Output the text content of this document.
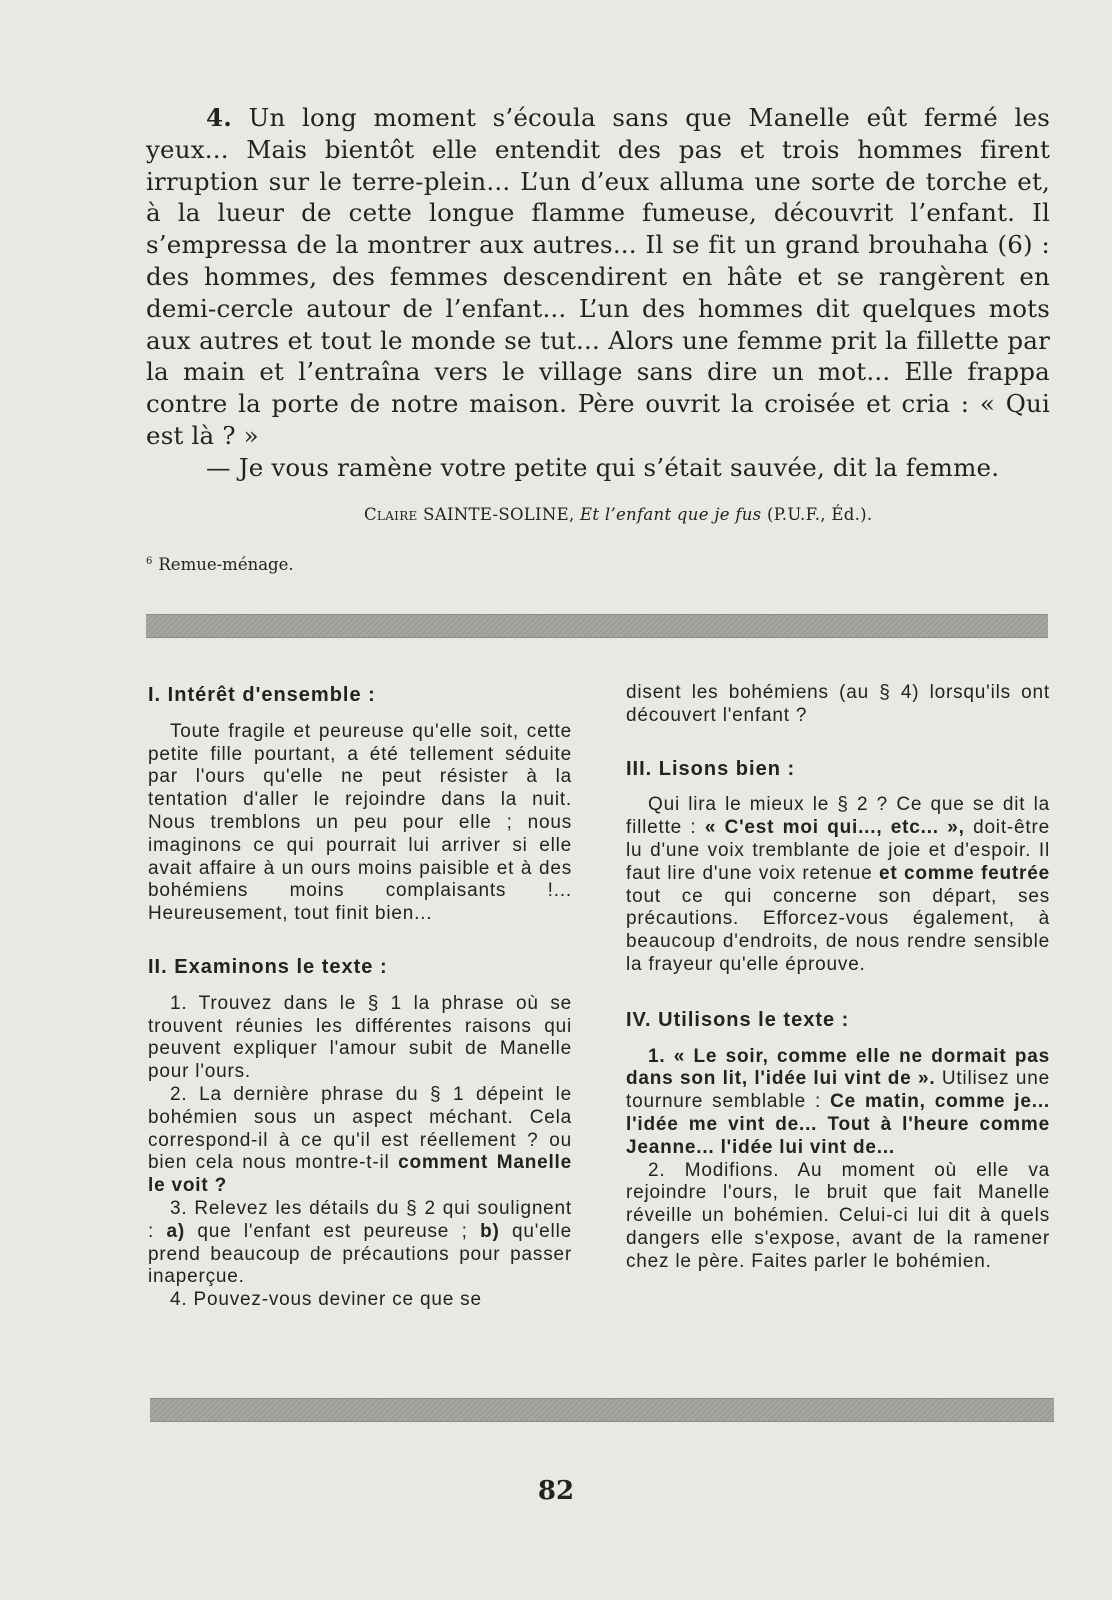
4. Un long moment s’écoula sans que Manelle eût fermé les yeux... Mais bientôt elle entendit des pas et trois hommes firent irruption sur le terre-plein... L’un d’eux alluma une sorte de torche et, à la lueur de cette longue flamme fumeuse, découvrit l’enfant. Il s’empressa de la montrer aux autres... Il se fit un grand brouhaha (6) : des hommes, des femmes descendirent en hâte et se rangèrent en demi-cercle autour de l’enfant... L’un des hommes dit quelques mots aux autres et tout le monde se tut... Alors une femme prit la fillette par la main et l’entraîna vers le village sans dire un mot... Elle frappa contre la porte de notre maison. Père ouvrit la croisée et cria : « Qui est là ? »

— Je vous ramène votre petite qui s’était sauvée, dit la femme.

Claire SAINTE-SOLINE, Et l’enfant que je fus (P.U.F., Éd.).
$^6$ Remue-ménage.
I. Intérêt d'ensemble :

Toute fragile et peureuse qu'elle soit, cette petite fille pourtant, a été tellement séduite par l'ours qu'elle ne peut résister à la tentation d'aller le rejoindre dans la nuit. Nous tremblons un peu pour elle ; nous imaginons ce qui pourrait lui arriver si elle avait affaire à un ours moins paisible et à des bohémiens moins complaisants !... Heureusement, tout finit bien...

II. Examinons le texte :

1. Trouvez dans le § 1 la phrase où se trouvent réunies les différentes raisons qui peuvent expliquer l'amour subit de Manelle pour l'ours.

2. La dernière phrase du § 1 dépeint le bohémien sous un aspect méchant. Cela correspond-il à ce qu'il est réellement ? ou bien cela nous montre-t-il comment Manelle le voit ?

3. Relevez les détails du § 2 qui soulignent : a) que l'enfant est peureuse ; b) qu'elle prend beaucoup de précautions pour passer inaperçue.

4. Pouvez-vous deviner ce que se

disent les bohémiens (au § 4) lorsqu'ils ont découvert l'enfant ?

III. Lisons bien :

Qui lira le mieux le § 2 ? Ce que se dit la fillette : « C'est moi qui..., etc... », doit-être lu d'une voix tremblante de joie et d'espoir. Il faut lire d'une voix retenue et comme feutrée tout ce qui concerne son départ, ses précautions. Efforcez-vous également, à beaucoup d'endroits, de nous rendre sensible la frayeur qu'elle éprouve.

IV. Utilisons le texte :

1. « Le soir, comme elle ne dormait pas dans son lit, l'idée lui vint de ». Utilisez une tournure semblable : Ce matin, comme je... l'idée me vint de... Tout à l'heure comme Jeanne... l'idée lui vint de...

2. Modifions. Au moment où elle va rejoindre l'ours, le bruit que fait Manelle réveille un bohémien. Celui-ci lui dit à quels dangers elle s'expose, avant de la ramener chez le père. Faites parler le bohémien.

82
